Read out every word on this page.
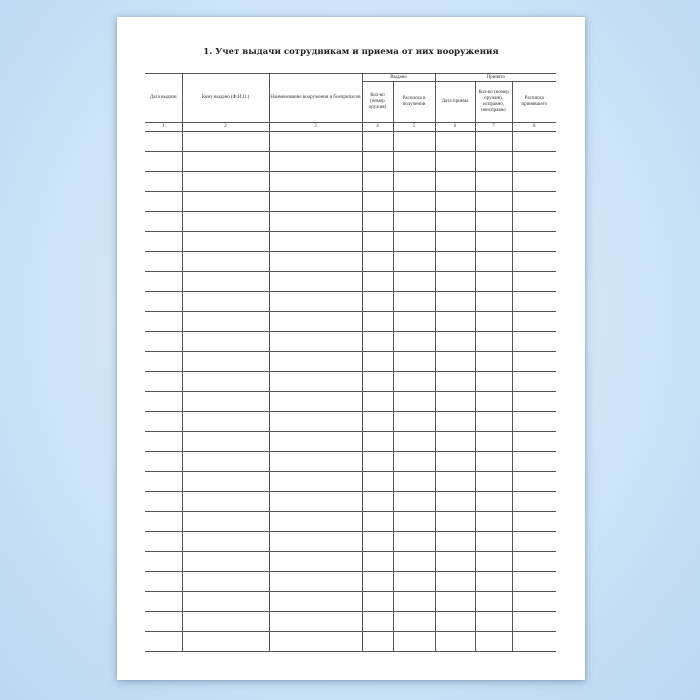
1. Учет выдачи сотрудникам и приема от них вооружения
Дата выдачи	Кому выдано (Ф.И.О.)	Наименование вооружения и боеприпасов	Выдано		Принято		
			Кол-во (номер оружия)	Расписка в получении	Дата приема	Кол-во (номер оружия), исправно, неисправно	Расписка принявшего
1	2	3	4	5	6	7	8
